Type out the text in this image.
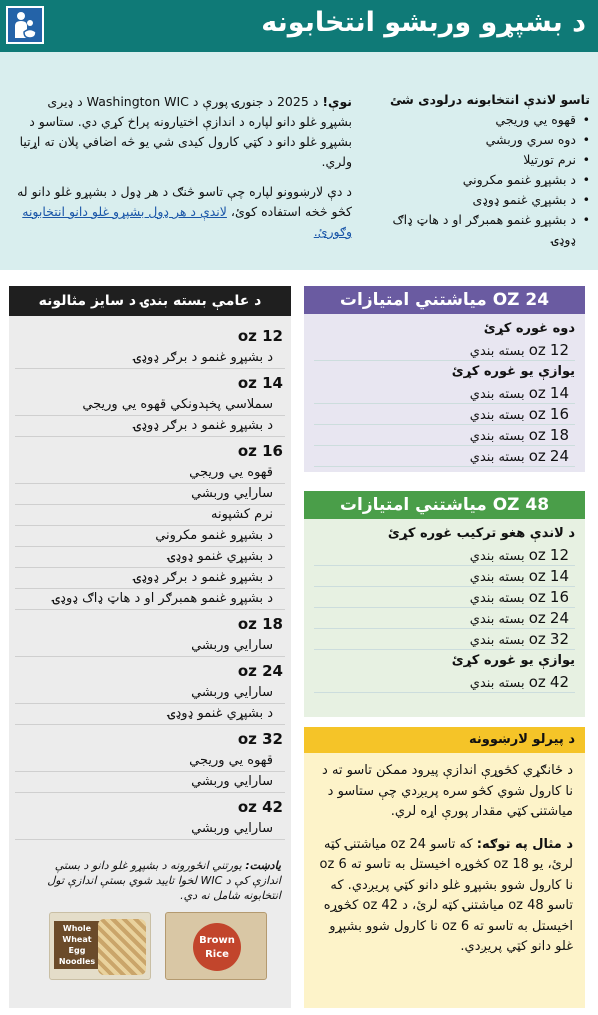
د بشپړو وربشو انتخابونه
تاسو لاندې انتخابونه درلودی شئ
• قهوه يي وريجي
• دوه سري وربشي
• نرم تورتيلا
• د بشپړو غنمو مکروني
• د بشپړي غنمو ډوډی
• د بشپړو غنمو همبرګر او د هاټ ډاګ ډوډۍ

نوې! د 2025 د جنورۍ پورې د Washington WIC د ډیری بشپړو غلو دانو لپاره د اندازې اختیارونه پراخ کړي دي. ستاسو د بشپړو غلو دانو د کټي کارول کیدی شي يو څه اضافي پلان ته اړتيا ولري.

د دې لارښوونو لپاره چې تاسو څنګ د هر ډول د بشپړو غلو دانو له کڅو څخه استفاده کوئ، لاندې د هر ډول بشپړو غلو دانو انتخابونه وګورئ.

د عامې بسته بندۍ د سایز مثالونه
12 oz
د بشپړو غنمو د برګر ډوډۍ
14 oz
سملاسي پخېدونکي قهوه يي وريجي
د بشپړو غنمو د برګر ډوډۍ
16 oz
قهوه يي وريجي
سارايي وربشي
نرم کشپونه
د بشپړو غنمو مکروني
د بشپړي غنمو ډوډۍ
د بشپړو غنمو د برګر ډوډۍ
د بشپړو غنمو همبرګر او د هاټ ډاګ ډوډۍ
18 oz
سارايي وربشي
24 oz
سارايي وربشي
د بشپړي غنمو ډوډۍ
32 oz
قهوه يي وريجي
سارايي وربشي
42 oz
سارايي وربشي
يادښت: يورتني انځورونه د بشپړو غلو دانو د بستې اندازې کې د WIC لخوا تاييد شوي بستې اندازې تول انتخابونه شامل نه دي.
Whole Wheat Egg Noodles
Brown Rice
24 OZ میاشتني امتیازات
دوه غوره کړئ
12 oz بسته بندي
يوازې يو غوره کړئ
14 oz بسته بندي
16 oz بسته بندي
18 oz بسته بندي
24 oz بسته بندي
48 OZ میاشتني امتیازات
د لاندې هغو ترکیب غوره کړئ
12 oz بسته بندي
14 oz بسته بندي
16 oz بسته بندي
24 oz بسته بندي
32 oz بسته بندي
يوازې يو غوره کړئ
42 oz بسته بندي
د پيرلو لارښوونه

د ځانګړي کڅوړې اندازې پيرود ممکن تاسو ته د نا کارول شوي کڅو سره پريږدي چې ستاسو د میاشتنۍ کټي مقدار پورې اړه لري.

د مثال په توګه: که تاسو 24 oz میاشتنۍ کټه لرئ، يو 18 oz کڅوړه اخیستل به تاسو ته 6 oz نا کارول شوو بشپړو غلو دانو کټي پريږدي. که تاسو 48 oz میاشتنۍ کټه لرئ، د 42 oz کڅوړه اخیستل به تاسو ته 6 oz نا کارول شوو بشپړو غلو دانو کټي پريږدي.
